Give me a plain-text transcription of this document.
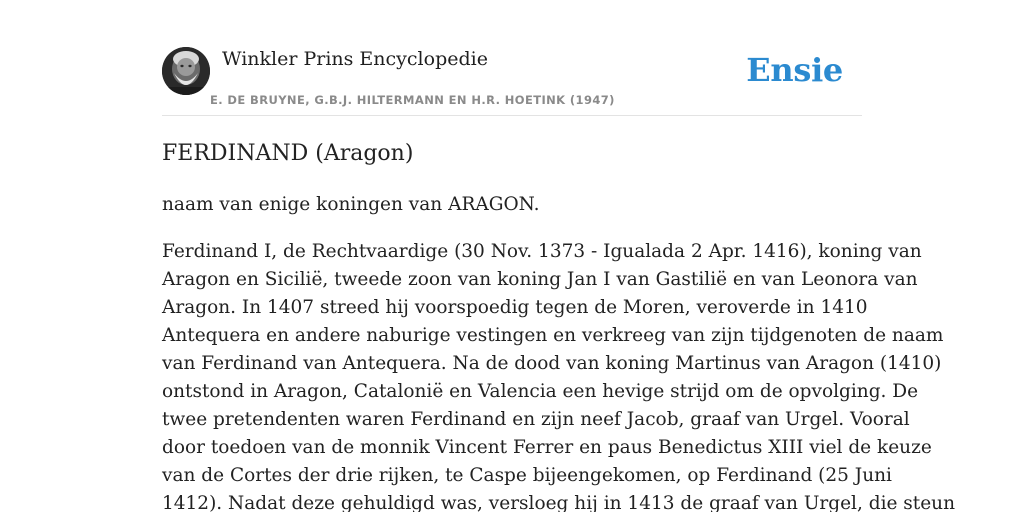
Winkler Prins Encyclopedie
E. DE BRUYNE, G.B.J. HILTERMANN EN H.R. HOETINK (1947)
Ensie
FERDINAND (Aragon)

naam van enige koningen van ARAGON.

Ferdinand I, de Rechtvaardige (30 Nov. 1373 - Igualada 2 Apr. 1416), koning van
Aragon en Sicilië, tweede zoon van koning Jan I van Gastilië en van Leonora van
Aragon. In 1407 streed hij voorspoedig tegen de Moren, veroverde in 1410
Antequera en andere naburige vestingen en verkreeg van zijn tijdgenoten de naam
van Ferdinand van Antequera. Na de dood van koning Martinus van Aragon (1410)
ontstond in Aragon, Catalonië en Valencia een hevige strijd om de opvolging. De
twee pretendenten waren Ferdinand en zijn neef Jacob, graaf van Urgel. Vooral
door toedoen van de monnik Vincent Ferrer en paus Benedictus XIII viel de keuze
van de Cortes der drie rijken, te Caspe bijeengekomen, op Ferdinand (25 Juni
1412). Nadat deze gehuldigd was, versloeg hij in 1413 de graaf van Urgel, die steun
